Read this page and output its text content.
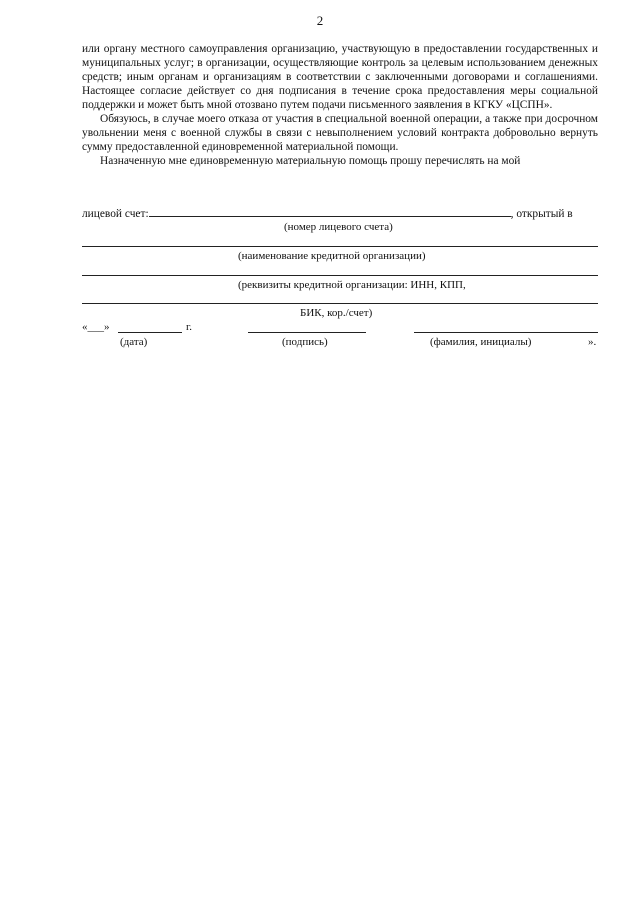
2

или органу местного самоуправления организацию, участвующую в предоставлении государственных и муниципальных услуг; в организации, осуществляющие контроль за целевым использованием денежных средств; иным органам и организациям в соответствии с заключенными договорами и соглашениями. Настоящее согласие действует со дня подписания в течение срока предоставления меры социальной поддержки и может быть мной отозвано путем подачи письменного заявления в КГКУ «ЦСПН».

Обязуюсь, в случае моего отказа от участия в специальной военной операции, а также при досрочном увольнении меня с военной службы в связи с невыполнением условий контракта добровольно вернуть сумму предоставленной единовременной материальной помощи.

Назначенную мне единовременную материальную помощь прошу перечислять на мой

лицевой счет:	, открытый в
(номер лицевого счета)
(наименование кредитной организации)
(реквизиты кредитной организации: ИНН, КПП,
БИК, кор./счет)
«___»	г.
(дата)	(подпись)	(фамилия, инициалы)	».
